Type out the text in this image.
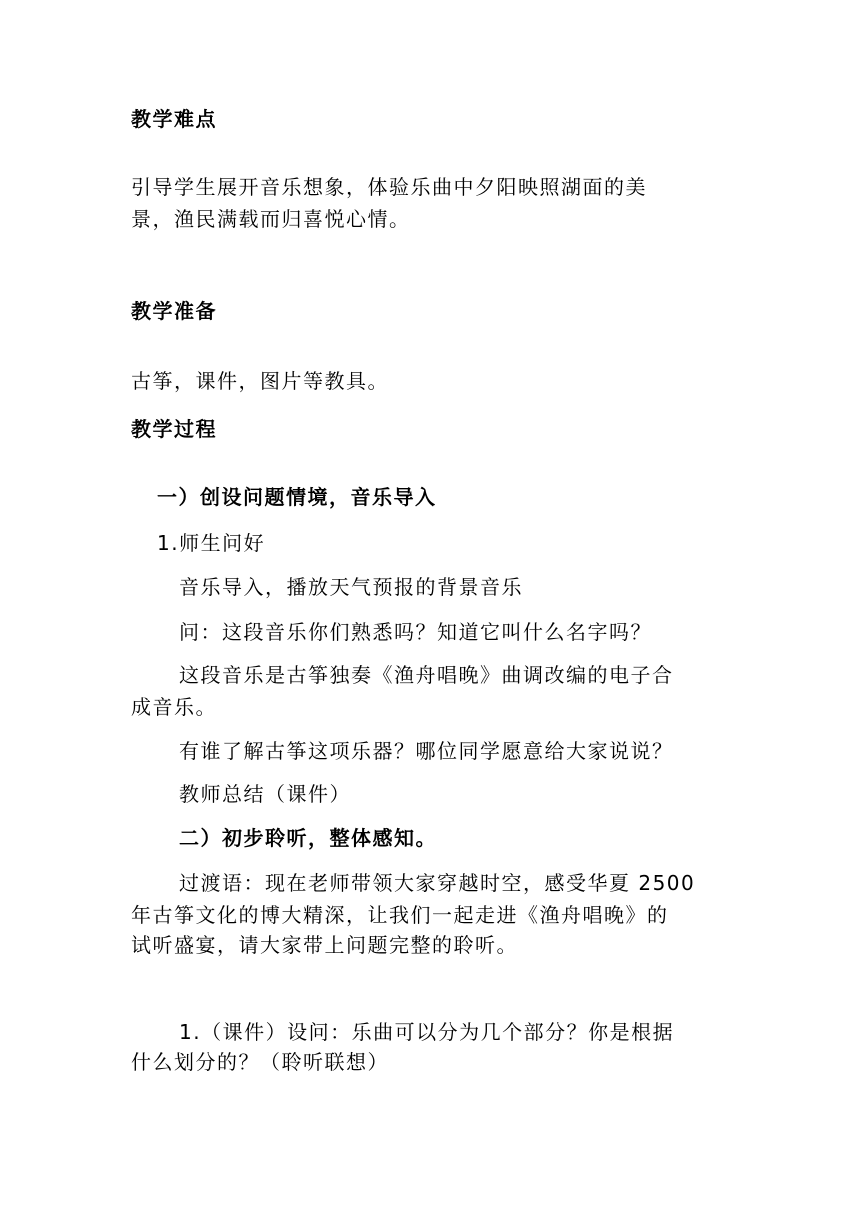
教学难点
引导学生展开音乐想象，体验乐曲中夕阳映照湖面的美
景，渔民满载而归喜悦心情。
教学准备
古筝，课件，图片等教具。
教学过程
一）创设问题情境，音乐导入
1.师生问好
音乐导入，播放天气预报的背景音乐
问：这段音乐你们熟悉吗？知道它叫什么名字吗？
这段音乐是古筝独奏《渔舟唱晚》曲调改编的电子合
成音乐。
有谁了解古筝这项乐器？哪位同学愿意给大家说说？
教师总结（课件）
二）初步聆听，整体感知。
过渡语：现在老师带领大家穿越时空，感受华夏 2500
年古筝文化的博大精深，让我们一起走进《渔舟唱晚》的
试听盛宴，请大家带上问题完整的聆听。
1.（课件）设问：乐曲可以分为几个部分？你是根据
什么划分的？（聆听联想）
